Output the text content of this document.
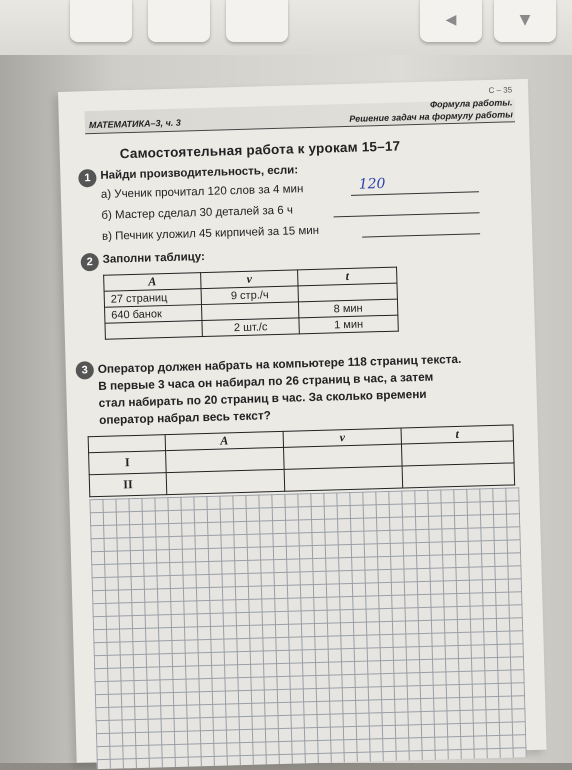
◀	▼
С – 35
МАТЕМАТИКА–3, ч. 3
Формула работы.
Решение задач на формулу работы
Самостоятельная работа к урокам 15–17
1 Найди производительность, если:
а) Ученик прочитал 120 слов за 4 мин	120
б) Мастер сделал 30 деталей за 6 ч
в) Печник уложил 45 кирпичей за 15 мин
2 Заполни таблицу:
A	v	t
27 страниц	9 стр./ч	
640 банок		8 мин
	2 шт./с	1 мин
3 Оператор должен набрать на компьютере 118 страниц текста.
В первые 3 часа он набирал по 26 страниц в час, а затем
стал набирать по 20 страниц в час. За сколько времени
оператор набрал весь текст?
	A	v	t
I			
II			
